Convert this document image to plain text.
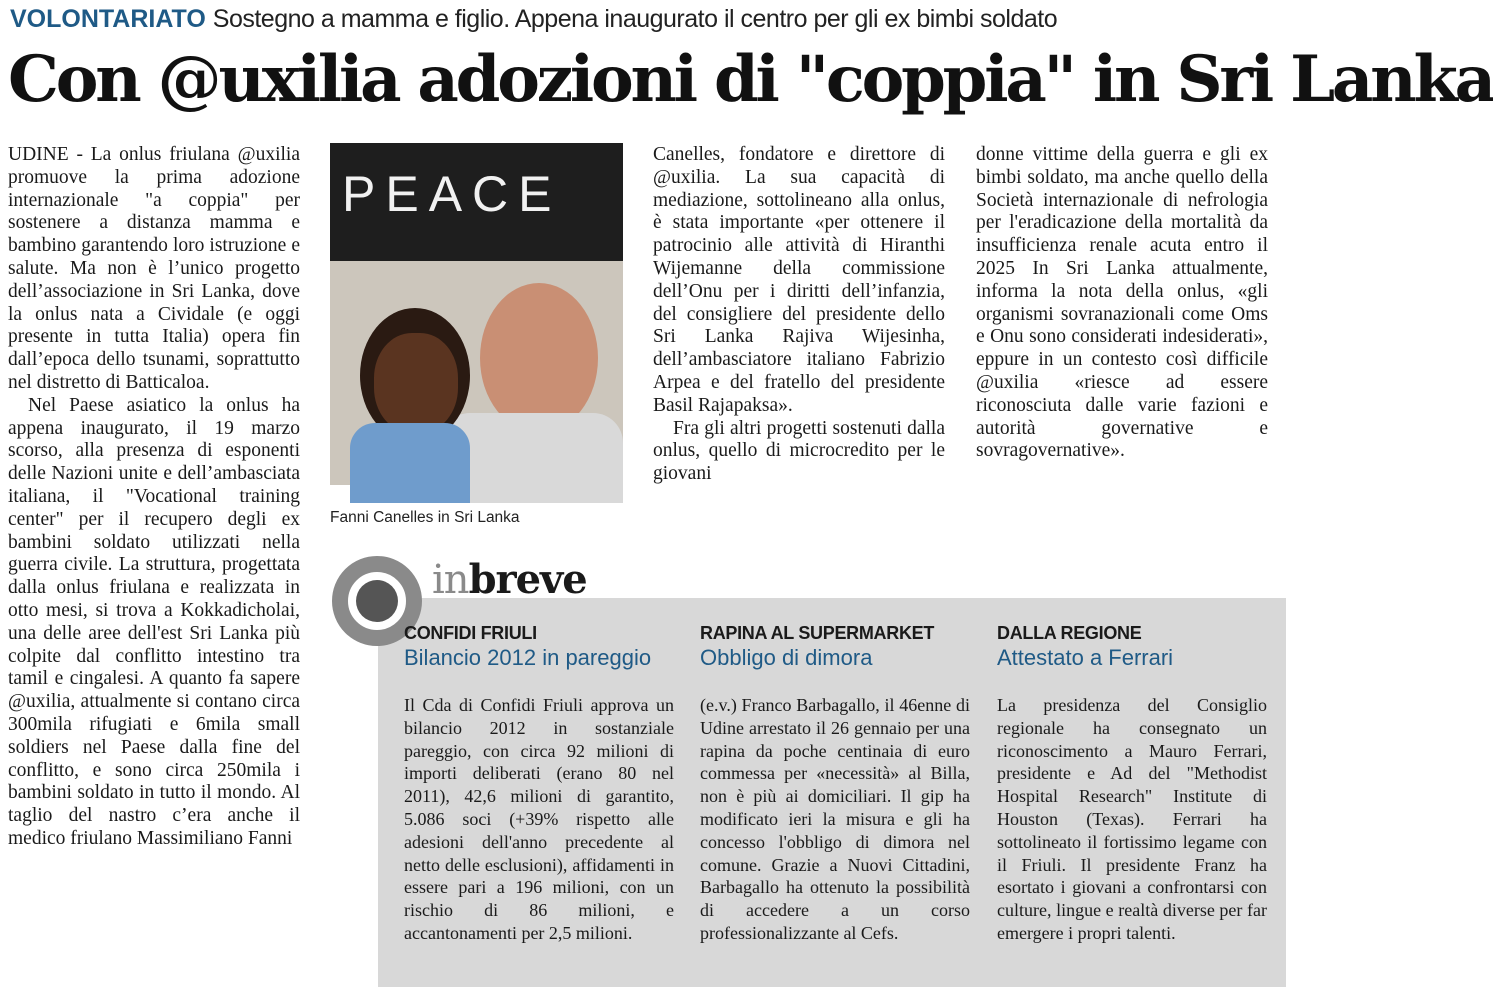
VOLONTARIATO Sostegno a mamma e figlio. Appena inaugurato il centro per gli ex bimbi soldato
Con @uxilia adozioni di "coppia" in Sri Lanka

UDINE - La onlus friulana @uxilia promuove la prima adozione internazionale "a coppia" per sostenere a distanza mamma e bambino garantendo loro istruzione e salute. Ma non è l’unico progetto dell’associazione in Sri Lanka, dove la onlus nata a Cividale (e oggi presente in tutta Italia) opera fin dall’epoca dello tsunami, soprattutto nel distretto di Batticaloa.

Nel Paese asiatico la onlus ha appena inaugurato, il 19 marzo scorso, alla presenza di esponenti delle Nazioni unite e dell’ambasciata italiana, il "Vocational training center" per il recupero degli ex bambini soldato utilizzati nella guerra civile. La struttura, progettata dalla onlus friulana e realizzata in otto mesi, si trova a Kokkadicholai, una delle aree dell'est Sri Lanka più colpite dal conflitto intestino tra tamil e cingalesi. A quanto fa sapere @uxilia, attualmente si contano circa 300mila rifugiati e 6mila small soldiers nel Paese dalla fine del conflitto, e sono circa 250mila i bambini soldato in tutto il mondo. Al taglio del nastro c’era anche il medico friulano Massimiliano Fanni

PEACE
Fanni Canelles in Sri Lanka

Canelles, fondatore e direttore di @uxilia. La sua capacità di mediazione, sottolineano alla onlus, è stata importante «per ottenere il patrocinio alle attività di Hiranthi Wijemanne della commissione dell’Onu per i diritti dell’infanzia, del consigliere del presidente dello Sri Lanka Rajiva Wijesinha, dell’ambasciatore italiano Fabrizio Arpea e del fratello del presidente Basil Rajapaksa».

Fra gli altri progetti sostenuti dalla onlus, quello di microcredito per le giovani

donne vittime della guerra e gli ex bimbi soldato, ma anche quello della Società internazionale di nefrologia per l'eradicazione della mortalità da insufficienza renale acuta entro il 2025 In Sri Lanka attualmente, informa la nota della onlus, «gli organismi sovranazionali come Oms e Onu sono considerati indesiderati», eppure in un contesto così difficile @uxilia «riesce ad essere riconosciuta dalle varie fazioni e autorità governative e sovragovernative».

inbreve
CONFIDI FRIULI
Bilancio 2012 in pareggio
Il Cda di Confidi Friuli approva un bilancio 2012 in sostanziale pareggio, con circa 92 milioni di importi deliberati (erano 80 nel 2011), 42,6 milioni di garantito, 5.086 soci (+39% rispetto alle adesioni dell'anno precedente al netto delle esclusioni), affidamenti in essere pari a 196 milioni, con un rischio di 86 milioni, e accantonamenti per 2,5 milioni.
RAPINA AL SUPERMARKET
Obbligo di dimora
(e.v.) Franco Barbagallo, il 46enne di Udine arrestato il 26 gennaio per una rapina da poche centinaia di euro commessa per «necessità» al Billa, non è più ai domiciliari. Il gip ha modificato ieri la misura e gli ha concesso l'obbligo di dimora nel comune. Grazie a Nuovi Cittadini, Barbagallo ha ottenuto la possibilità di accedere a un corso professionalizzante al Cefs.
DALLA REGIONE
Attestato a Ferrari
La presidenza del Consiglio regionale ha consegnato un riconoscimento a Mauro Ferrari, presidente e Ad del "Methodist Hospital Research" Institute di Houston (Texas). Ferrari ha sottolineato il fortissimo legame con il Friuli. Il presidente Franz ha esortato i giovani a confrontarsi con culture, lingue e realtà diverse per far emergere i propri talenti.
